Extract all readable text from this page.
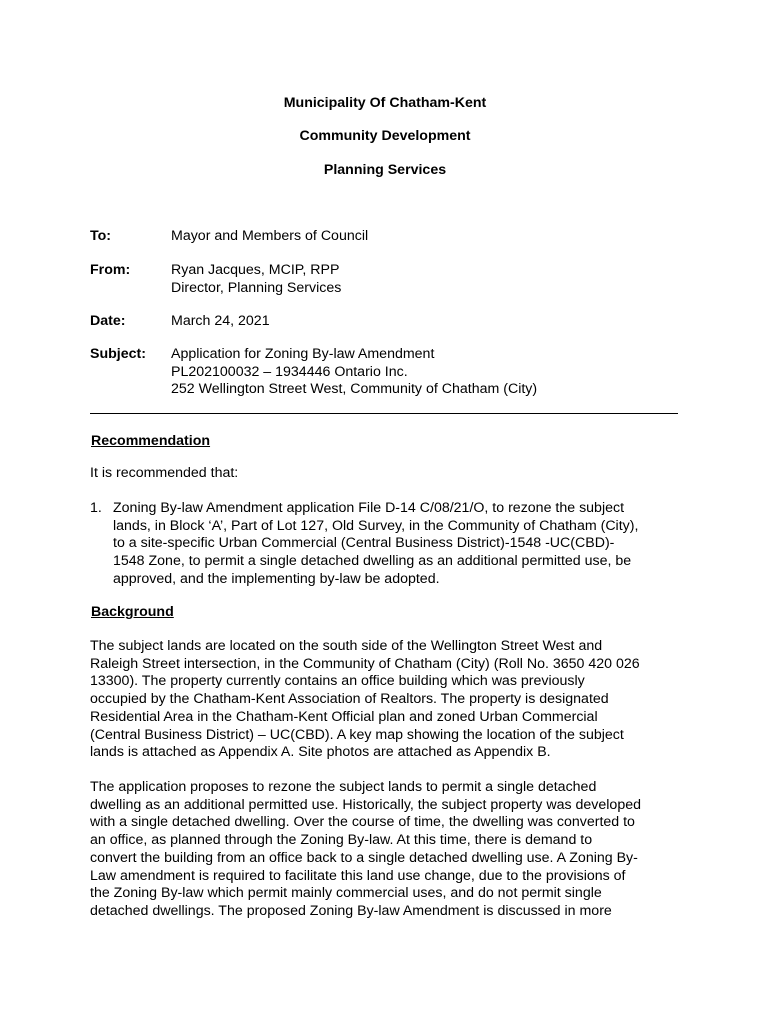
Municipality Of Chatham-Kent
Community Development
Planning Services
To:	Mayor and Members of Council
From:	Ryan Jacques, MCIP, RPP
Director, Planning Services
Date:	March 24, 2021
Subject: Application for Zoning By-law Amendment
PL202100032 – 1934446 Ontario Inc.
252 Wellington Street West, Community of Chatham (City)
Recommendation
It is recommended that:
1. Zoning By-law Amendment application File D-14 C/08/21/O, to rezone the subject
lands, in Block ‘A’, Part of Lot 127, Old Survey, in the Community of Chatham (City),
to a site-specific Urban Commercial (Central Business District)-1548 -UC(CBD)-
1548 Zone, to permit a single detached dwelling as an additional permitted use, be
approved, and the implementing by-law be adopted.
Background
The subject lands are located on the south side of the Wellington Street West and
Raleigh Street intersection, in the Community of Chatham (City) (Roll No. 3650 420 026
13300). The property currently contains an office building which was previously
occupied by the Chatham-Kent Association of Realtors. The property is designated
Residential Area in the Chatham-Kent Official plan and zoned Urban Commercial
(Central Business District) – UC(CBD). A key map showing the location of the subject
lands is attached as Appendix A. Site photos are attached as Appendix B.
The application proposes to rezone the subject lands to permit a single detached
dwelling as an additional permitted use. Historically, the subject property was developed
with a single detached dwelling. Over the course of time, the dwelling was converted to
an office, as planned through the Zoning By-law. At this time, there is demand to
convert the building from an office back to a single detached dwelling use. A Zoning By-
Law amendment is required to facilitate this land use change, due to the provisions of
the Zoning By-law which permit mainly commercial uses, and do not permit single
detached dwellings. The proposed Zoning By-law Amendment is discussed in more
